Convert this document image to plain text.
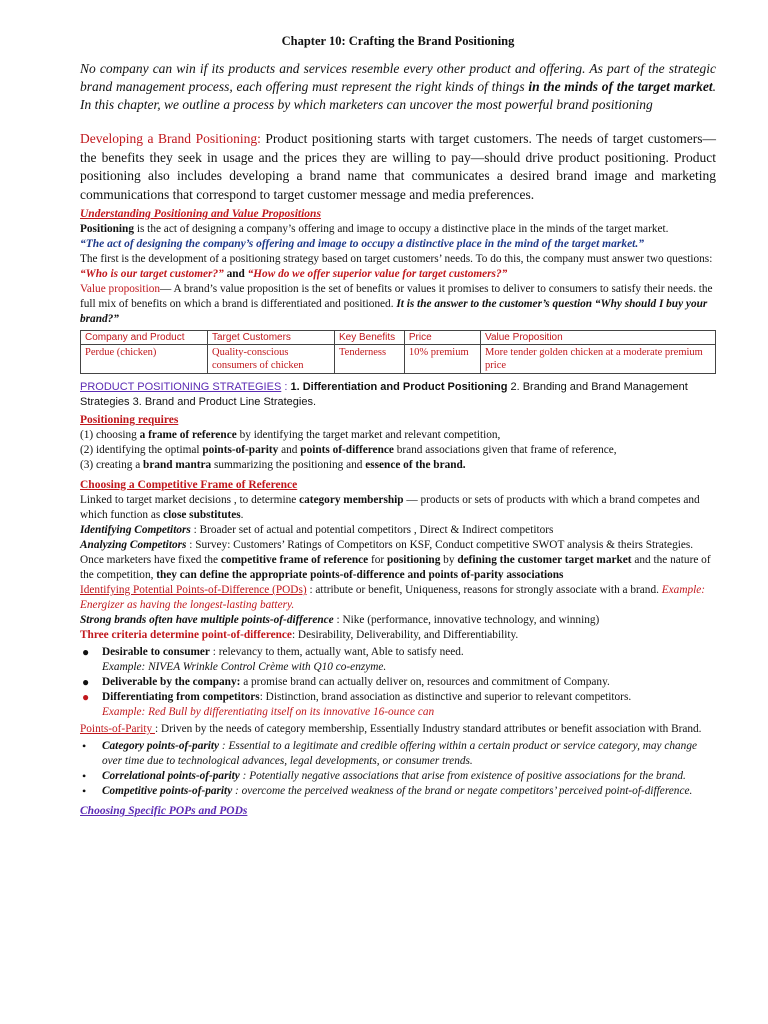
Chapter 10: Crafting the Brand Positioning

No company can win if its products and services resemble every other product and offering. As part of the strategic brand management process, each offering must represent the right kinds of things in the minds of the target market. In this chapter, we outline a process by which marketers can uncover the most powerful brand positioning

Developing a Brand Positioning: Product positioning starts with target customers. The needs of target customers—the benefits they seek in usage and the prices they are willing to pay—should drive product positioning. Product positioning also includes developing a brand name that communicates a desired brand image and marketing communications that correspond to target customer message and media preferences.

Understanding Positioning and Value Propositions

Positioning is the act of designing a company’s offering and image to occupy a distinctive place in the minds of the target market.

“The act of designing the company’s offering and image to occupy a distinctive place in the mind of the target market.”

The first is the development of a positioning strategy based on target customers’ needs. To do this, the company must answer two questions: “Who is our target customer?” and “How do we offer superior value for target customers?”

Value proposition— A brand’s value proposition is the set of benefits or values it promises to deliver to consumers to satisfy their needs. the full mix of benefits on which a brand is differentiated and positioned. It is the answer to the customer’s question “Why should I buy your brand?”

Company and Product	Target Customers	Key Benefits	Price	Value Proposition
Perdue (chicken)	Quality-conscious consumers of chicken	Tenderness	10% premium	More tender golden chicken at a moderate premium price

PRODUCT POSITIONING STRATEGIES : 1. Differentiation and Product Positioning 2. Branding and Brand Management Strategies 3. Brand and Product Line Strategies.

Positioning requires

(1) choosing a frame of reference by identifying the target market and relevant competition,

(2) identifying the optimal points-of-parity and points of-difference brand associations given that frame of reference,

(3) creating a brand mantra summarizing the positioning and essence of the brand.

Choosing a Competitive Frame of Reference

Linked to target market decisions , to determine category membership — products or sets of products with which a brand competes and which function as close substitutes.

Identifying Competitors : Broader set of actual and potential competitors , Direct & Indirect competitors

Analyzing Competitors : Survey: Customers’ Ratings of Competitors on KSF, Conduct competitive SWOT analysis & theirs Strategies.

Once marketers have fixed the competitive frame of reference for positioning by defining the customer target market and the nature of the competition, they can define the appropriate points-of-difference and points of-parity associations

Identifying Potential Points-of-Difference (PODs) : attribute or benefit, Uniqueness, reasons for strongly associate with a brand. Example: Energizer as having the longest-lasting battery.

Strong brands often have multiple points-of-difference : Nike (performance, innovative technology, and winning)

Three criteria determine point-of-difference: Desirability, Deliverability, and Differentiability.

● Desirable to consumer : relevancy to them, actually want, Able to satisfy need.
Example: NIVEA Wrinkle Control Crème with Q10 co-enzyme.
● Deliverable by the company: a promise brand can actually deliver on, resources and commitment of Company.
● Differentiating from competitors: Distinction, brand association as distinctive and superior to relevant competitors.
Example: Red Bull by differentiating itself on its innovative 16-ounce can

Points-of-Parity : Driven by the needs of category membership, Essentially Industry standard attributes or benefit association with Brand.

• Category points-of-parity : Essential to a legitimate and credible offering within a certain product or service category, may change over time due to technological advances, legal developments, or consumer trends.
• Correlational points-of-parity : Potentially negative associations that arise from existence of positive associations for the brand.
• Competitive points-of-parity : overcome the perceived weakness of the brand or negate competitors’ perceived point-of-difference.
Choosing Specific POPs and PODs
